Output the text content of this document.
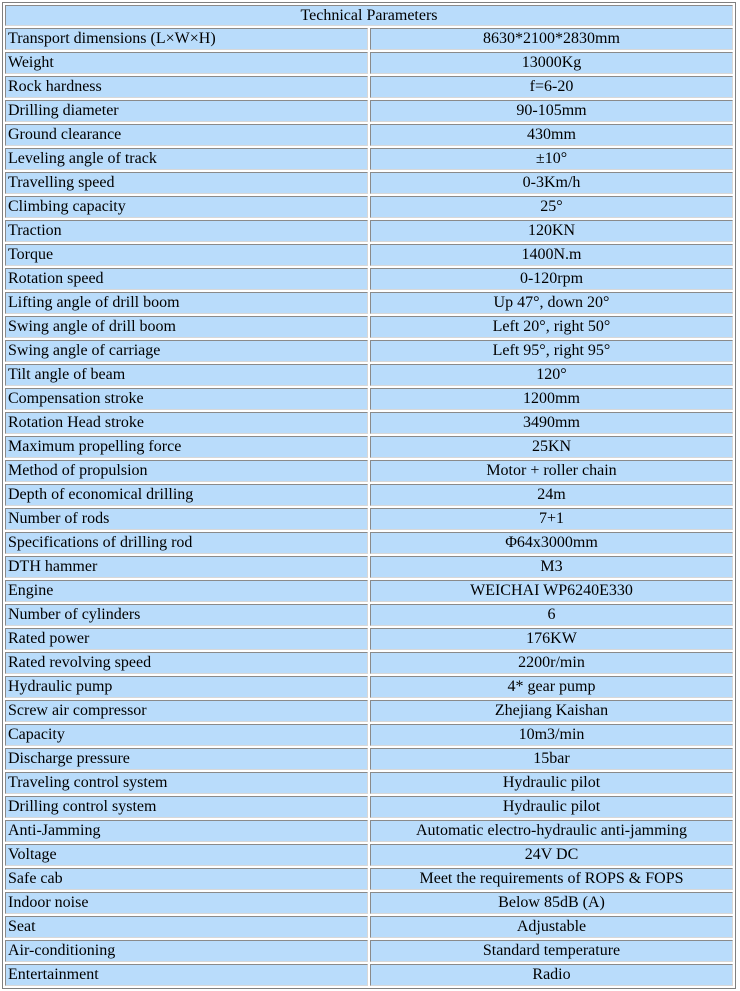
Technical Parameters	
Transport dimensions (L×W×H)	8630*2100*2830mm
Weight	13000Kg
Rock hardness	f=6-20
Drilling diameter	90-105mm
Ground clearance	430mm
Leveling angle of track	±10°
Travelling speed	0-3Km/h
Climbing capacity	25°
Traction	120KN
Torque	1400N.m
Rotation speed	0-120rpm
Lifting angle of drill boom	Up 47°, down 20°
Swing angle of drill boom	Left 20°, right 50°
Swing angle of carriage	Left 95°, right 95°
Tilt angle of beam	120°
Compensation stroke	1200mm
Rotation Head stroke	3490mm
Maximum propelling force	25KN
Method of propulsion	Motor + roller chain
Depth of economical drilling	24m
Number of rods	7+1
Specifications of drilling rod	Φ64x3000mm
DTH hammer	M3
Engine	WEICHAI WP6240E330
Number of cylinders	6
Rated power	176KW
Rated revolving speed	2200r/min
Hydraulic pump	4* gear pump
Screw air compressor	Zhejiang Kaishan
Capacity	10m3/min
Discharge pressure	15bar
Traveling control system	Hydraulic pilot
Drilling control system	Hydraulic pilot
Anti-Jamming	Automatic electro-hydraulic anti-jamming
Voltage	24V DC
Safe cab	Meet the requirements of ROPS & FOPS
Indoor noise	Below 85dB (A)
Seat	Adjustable
Air-conditioning	Standard temperature
Entertainment	Radio
